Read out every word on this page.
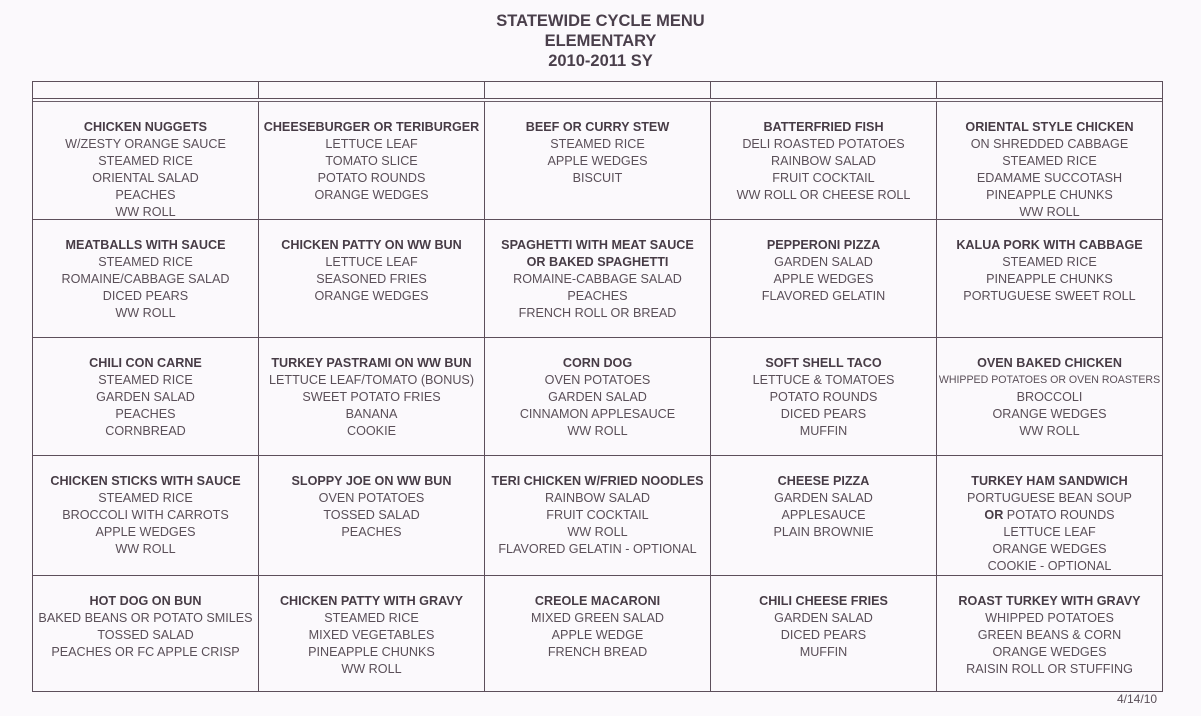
STATEWIDE CYCLE MENU
ELEMENTARY
2010-2011 SY
CHICKEN NUGGETS
W/ZESTY ORANGE SAUCE
STEAMED RICE
ORIENTAL SALAD
PEACHES
WW ROLL
CHEESEBURGER OR TERIBURGER
LETTUCE LEAF
TOMATO SLICE
POTATO ROUNDS
ORANGE WEDGES
BEEF OR CURRY STEW
STEAMED RICE
APPLE WEDGES
BISCUIT
BATTERFRIED FISH
DELI ROASTED POTATOES
RAINBOW SALAD
FRUIT COCKTAIL
WW ROLL OR CHEESE ROLL
ORIENTAL STYLE CHICKEN
ON SHREDDED CABBAGE
STEAMED RICE
EDAMAME SUCCOTASH
PINEAPPLE CHUNKS
WW ROLL
MEATBALLS WITH SAUCE
STEAMED RICE
ROMAINE/CABBAGE SALAD
DICED PEARS
WW ROLL
CHICKEN PATTY ON WW BUN
LETTUCE LEAF
SEASONED FRIES
ORANGE WEDGES
SPAGHETTI WITH MEAT SAUCE
OR BAKED SPAGHETTI
ROMAINE-CABBAGE SALAD
PEACHES
FRENCH ROLL OR BREAD
PEPPERONI PIZZA
GARDEN SALAD
APPLE WEDGES
FLAVORED GELATIN
KALUA PORK WITH CABBAGE
STEAMED RICE
PINEAPPLE CHUNKS
PORTUGUESE SWEET ROLL
CHILI CON CARNE
STEAMED RICE
GARDEN SALAD
PEACHES
CORNBREAD
TURKEY PASTRAMI ON WW BUN
LETTUCE LEAF/TOMATO (BONUS)
SWEET POTATO FRIES
BANANA
COOKIE
CORN DOG
OVEN POTATOES
GARDEN SALAD
CINNAMON APPLESAUCE
WW ROLL
SOFT SHELL TACO
LETTUCE & TOMATOES
POTATO ROUNDS
DICED PEARS
MUFFIN
OVEN BAKED CHICKEN
WHIPPED POTATOES OR OVEN ROASTERS
BROCCOLI
ORANGE WEDGES
WW ROLL
CHICKEN STICKS WITH SAUCE
STEAMED RICE
BROCCOLI WITH CARROTS
APPLE WEDGES
WW ROLL
SLOPPY JOE ON WW BUN
OVEN POTATOES
TOSSED SALAD
PEACHES
TERI CHICKEN W/FRIED NOODLES
RAINBOW SALAD
FRUIT COCKTAIL
WW ROLL
FLAVORED GELATIN - OPTIONAL
CHEESE PIZZA
GARDEN SALAD
APPLESAUCE
PLAIN BROWNIE
TURKEY HAM SANDWICH
PORTUGUESE BEAN SOUP
OR POTATO ROUNDS
LETTUCE LEAF
ORANGE WEDGES
COOKIE - OPTIONAL
HOT DOG ON BUN
BAKED BEANS OR POTATO SMILES
TOSSED SALAD
PEACHES OR FC APPLE CRISP
CHICKEN PATTY WITH GRAVY
STEAMED RICE
MIXED VEGETABLES
PINEAPPLE CHUNKS
WW ROLL
CREOLE MACARONI
MIXED GREEN SALAD
APPLE WEDGE
FRENCH BREAD
CHILI CHEESE FRIES
GARDEN SALAD
DICED PEARS
MUFFIN
ROAST TURKEY WITH GRAVY
WHIPPED POTATOES
GREEN BEANS & CORN
ORANGE WEDGES
RAISIN ROLL OR STUFFING
4/14/10
